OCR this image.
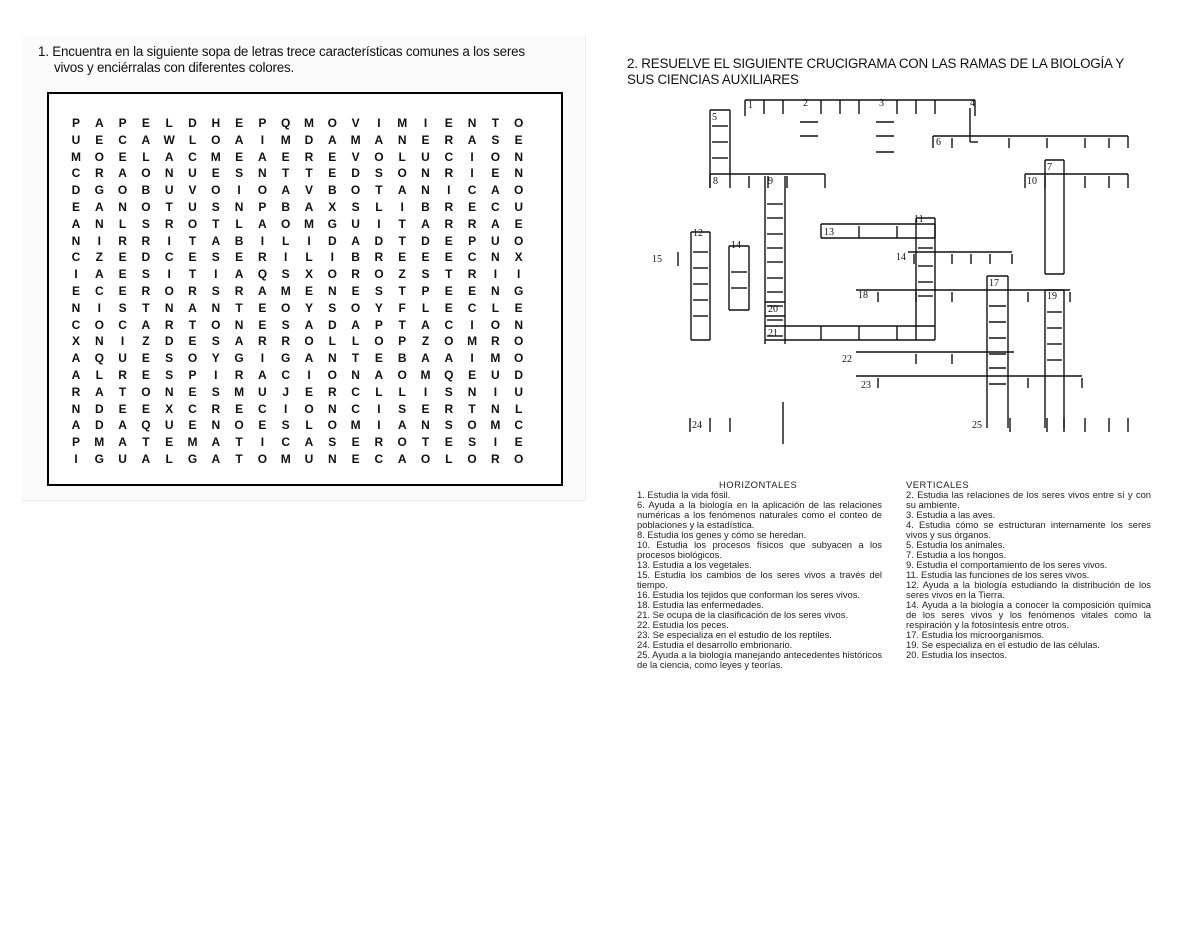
1. Encuentra en la siguiente sopa de letras trece características comunes a los seres
vivos y enciérralas con diferentes colores.
P	A	P	E	L	D	H	E	P	Q	M	O	V	I	M	I	E	N	T	O
U	E	C	A	W	L	O	A	I	M	D	A	M	A	N	E	R	A	S	E
M	O	E	L	A	C	M	E	A	E	R	E	V	O	L	U	C	I	O	N
C	R	A	O	N	U	E	S	N	T	T	E	D	S	O	N	R	I	E	N
D	G	O	B	U	V	O	I	O	A	V	B	O	T	A	N	I	C	A	O
E	A	N	O	T	U	S	N	P	B	A	X	S	L	I	B	R	E	C	U
A	N	L	S	R	O	T	L	A	O	M	G	U	I	T	A	R	R	A	E
N	I	R	R	I	T	A	B	I	L	I	D	A	D	T	D	E	P	U	O
C	Z	E	D	C	E	S	E	R	I	L	I	B	R	E	E	E	C	N	X
I	A	E	S	I	T	I	A	Q	S	X	O	R	O	Z	S	T	R	I	I
E	C	E	R	O	R	S	R	A	M	E	N	E	S	T	P	E	E	N	G
N	I	S	T	N	A	N	T	E	O	Y	S	O	Y	F	L	E	C	L	E
C	O	C	A	R	T	O	N	E	S	A	D	A	P	T	A	C	I	O	N
X	N	I	Z	D	E	S	A	R	R	O	L	L	O	P	Z	O	M	R	O
A	Q	U	E	S	O	Y	G	I	G	A	N	T	E	B	A	A	I	M	O
A	L	R	E	S	P	I	R	A	C	I	O	N	A	O	M	Q	E	U	D
R	A	T	O	N	E	S	M	U	J	E	R	C	L	L	I	S	N	I	U
N	D	E	E	X	C	R	E	C	I	O	N	C	I	S	E	R	T	N	L
A	D	A	Q	U	E	N	O	E	S	L	O	M	I	A	N	S	O	M	C
P	M	A	T	E	M	A	T	I	C	A	S	E	R	O	T	E	S	I	E
I	G	U	A	L	G	A	T	O	M	U	N	E	C	A	O	L	O	R	O
2. RESUELVE EL SIGUIENTE CRUCIGRAMA CON LAS RAMAS DE LA BIOLOGÍA Y
SUS CIENCIAS AUXILIARES
1	2	3	4
5
6
7
8	9	10
11
12	13
14
15	14
17
18	19
20
21
22
23
24	25
HORIZONTALES
1. Estudia la vida fósil.
6. Ayuda a la biología en la aplicación de las relaciones numéricas a los fenómenos naturales como el conteo de poblaciones y la estadística.
8. Estudia los genes y cómo se heredan.
10. Estudia los procesos físicos que subyacen a los procesos biológicos.
13. Estudia a los vegetales.
15. Estudia los cambios de los seres vivos a través del tiempo.
16. Estudia los tejidos que conforman los seres vivos.
18. Estudia las enfermedades.
21. Se ocupa de la clasificación de los seres vivos.
22. Estudia los peces.
23. Se especializa en el estudio de los reptiles.
24. Estudia el desarrollo embrionario.
25. Ayuda a la biología manejando antecedentes históricos de la ciencia, como leyes y teorías.
VERTICALES
2. Estudia las relaciones de los seres vivos entre sí y con su ambiente.
3. Estudia a las aves.
4. Estudia cómo se estructuran internamente los seres vivos y sus órganos.
5. Estudia los animales.
7. Estudia a los hongos.
9. Estudia el comportamiento de los seres vivos.
11. Estudia las funciones de los seres vivos.
12. Ayuda a la biología estudiando la distribución de los seres vivos en la Tierra.
14. Ayuda a la biología a conocer la composición química de los seres vivos y los fenómenos vitales como la respiración y la fotosíntesis entre otros.
17. Estudia los microorganismos.
19. Se especializa en el estudio de las células.
20. Estudia los insectos.
